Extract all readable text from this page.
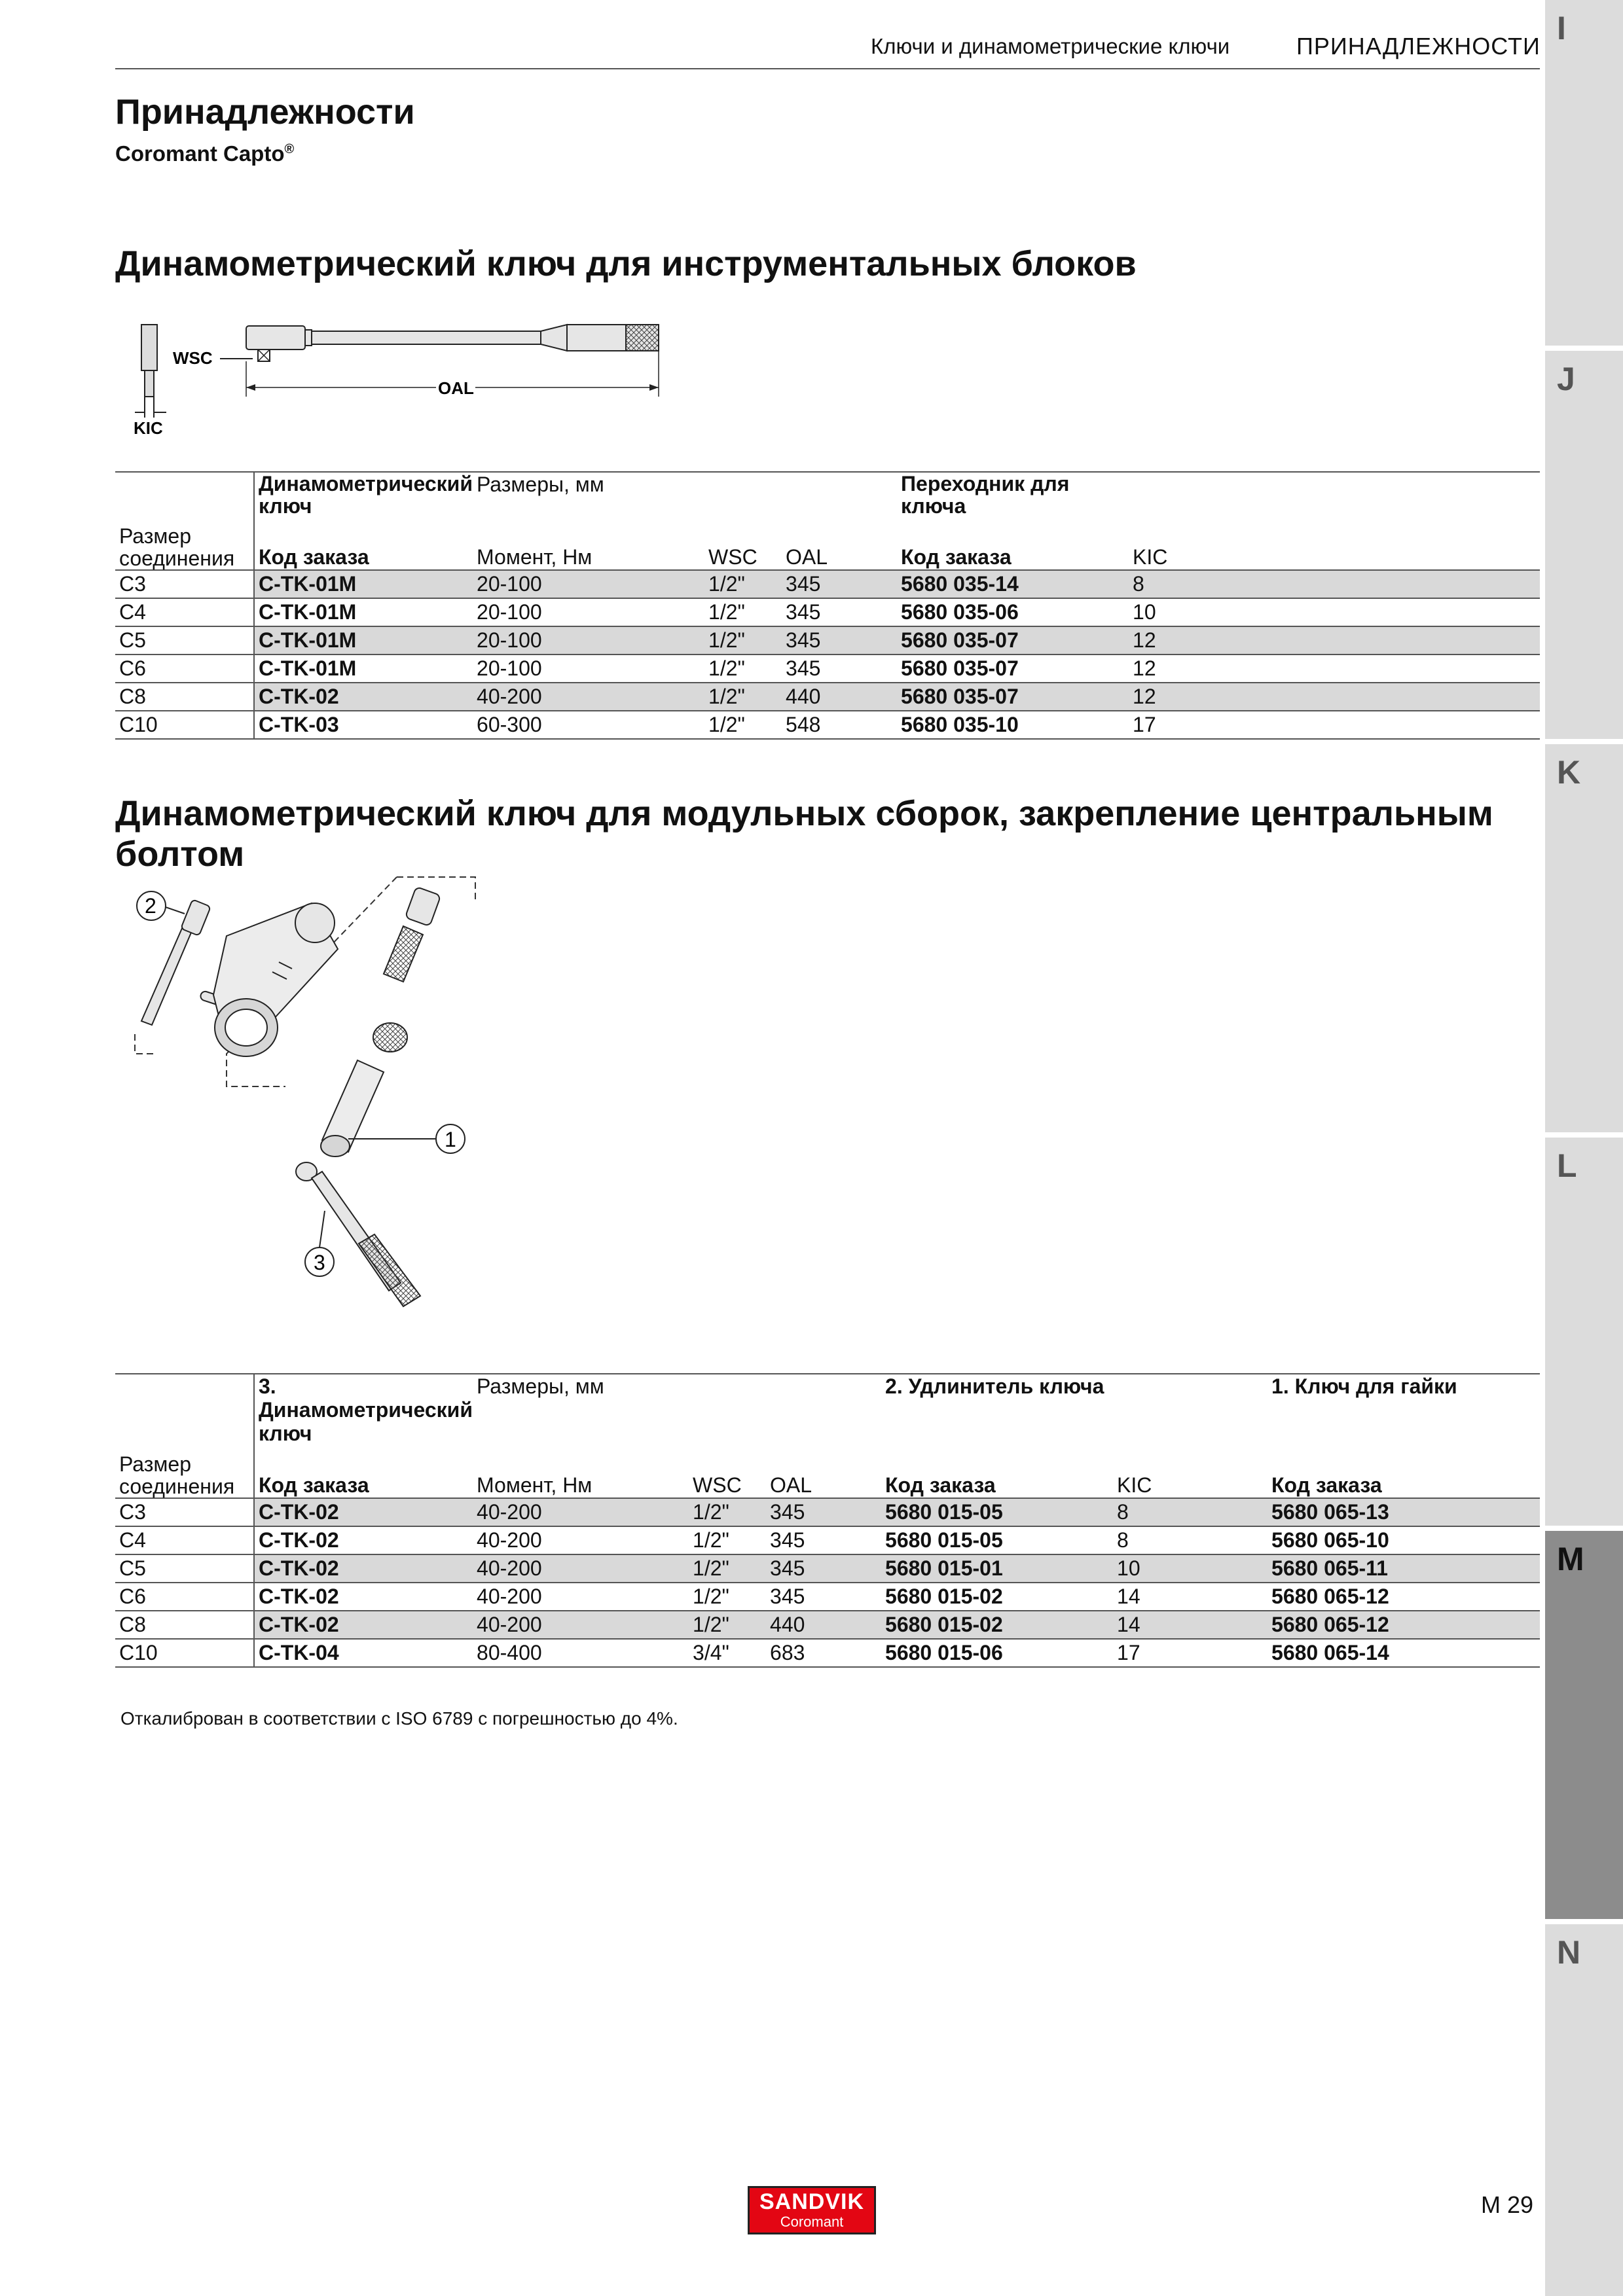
Ключи и динамометрические ключи	ПРИНАДЛЕЖНОСТИ I
J
K
L
M
N
Принадлежности
Coromant Capto®
Динамометрический ключ для инструментальных блоков
WSC
KIC
OAL
	Динамометрический ключ	Размеры, мм			Переходник для ключа	
Размер соединения	Код заказа	Момент, Нм	WSC	OAL	Код заказа	KIC
C3	C-TK-01M	20-100	1/2"	345	5680 035-14	8
C4	C-TK-01M	20-100	1/2"	345	5680 035-06	10
C5	C-TK-01M	20-100	1/2"	345	5680 035-07	12
C6	C-TK-01M	20-100	1/2"	345	5680 035-07	12
C8	C-TK-02	40-200	1/2"	440	5680 035-07	12
C10	C-TK-03	60-300	1/2"	548	5680 035-10	17
Динамометрический ключ для модульных сборок, закрепление центральным болтом
2
1
3
	3. Динамометрический ключ	Размеры, мм			2. Удлинитель ключа		1. Ключ для гайки
Размер соединения	Код заказа	Момент, Нм	WSC	OAL	Код заказа	KIC	Код заказа
C3	C-TK-02	40-200	1/2"	345	5680 015-05	8	5680 065-13
C4	C-TK-02	40-200	1/2"	345	5680 015-05	8	5680 065-10
C5	C-TK-02	40-200	1/2"	345	5680 015-01	10	5680 065-11
C6	C-TK-02	40-200	1/2"	345	5680 015-02	14	5680 065-12
C8	C-TK-02	40-200	1/2"	440	5680 015-02	14	5680 065-12
C10	C-TK-04	80-400	3/4"	683	5680 015-06	17	5680 065-14
Откалиброван в соответствии с ISO 6789 с погрешностью до 4%.
SANDVIK
Coromant
M 29
